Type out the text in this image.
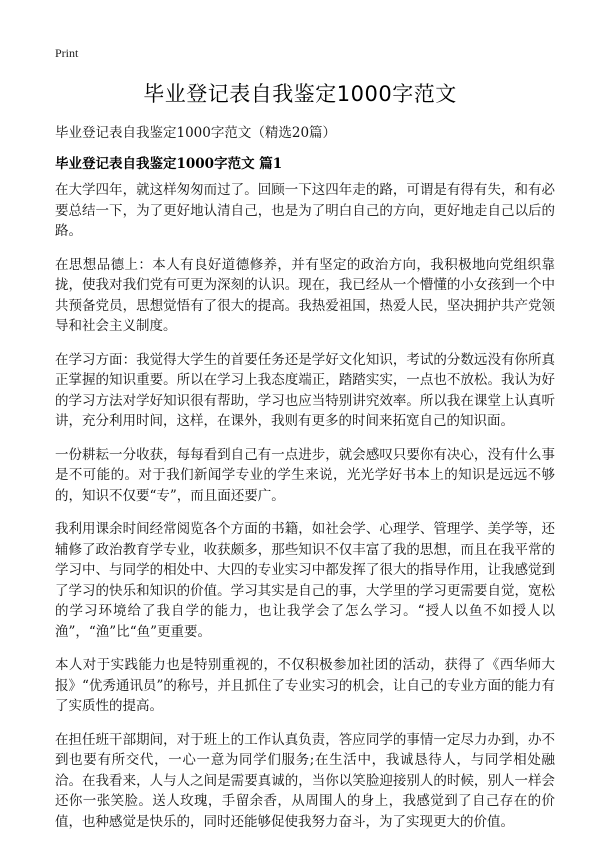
Print
毕业登记表自我鉴定1000字范文
毕业登记表自我鉴定1000字范文（精选20篇）
毕业登记表自我鉴定1000字范文 篇1

在大学四年，就这样匆匆而过了。回顾一下这四年走的路，可谓是有得有失，和有必要总结一下，为了更好地认清自己，也是为了明白自己的方向，更好地走自己以后的路。

在思想品德上：本人有良好道德修养，并有坚定的政治方向，我积极地向党组织靠拢，使我对我们党有可更为深刻的认识。现在，我已经从一个懵懂的小女孩到一个中共预备党员，思想觉悟有了很大的提高。我热爱祖国，热爱人民，坚决拥护共产党领导和社会主义制度。

在学习方面：我觉得大学生的首要任务还是学好文化知识，考试的分数远没有你所真正掌握的知识重要。所以在学习上我态度端正，踏踏实实，一点也不放松。我认为好的学习方法对学好知识很有帮助，学习也应当特别讲究效率。所以我在课堂上认真听讲，充分利用时间，这样，在课外，我则有更多的时间来拓宽自己的知识面。

一份耕耘一分收获，每每看到自己有一点进步，就会感叹只要你有决心，没有什么事是不可能的。对于我们新闻学专业的学生来说，光光学好书本上的知识是远远不够的，知识不仅要“专”，而且面还要广。

我利用课余时间经常阅览各个方面的书籍，如社会学、心理学、管理学、美学等，还辅修了政治教育学专业，收获颇多，那些知识不仅丰富了我的思想，而且在我平常的学习中、与同学的相处中、大四的专业实习中都发挥了很大的指导作用，让我感觉到了学习的快乐和知识的价值。学习其实是自己的事，大学里的学习更需要自觉，宽松的学习环境给了我自学的能力，也让我学会了怎么学习。“授人以鱼不如授人以渔”，“渔”比“鱼”更重要。

本人对于实践能力也是特别重视的，不仅积极参加社团的活动，获得了《西华师大报》“优秀通讯员”的称号，并且抓住了专业实习的机会，让自己的专业方面的能力有了实质性的提高。

在担任班干部期间，对于班上的工作认真负责，答应同学的事情一定尽力办到，办不到也要有所交代，一心一意为同学们服务;在生活中，我诚恳待人，与同学相处融洽。在我看来，人与人之间是需要真诚的，当你以笑脸迎接别人的时候，别人一样会还你一张笑脸。送人玫瑰，手留余香，从周围人的身上，我感觉到了自己存在的价值，也种感觉是快乐的，同时还能够促使我努力奋斗，为了实现更大的价值。
